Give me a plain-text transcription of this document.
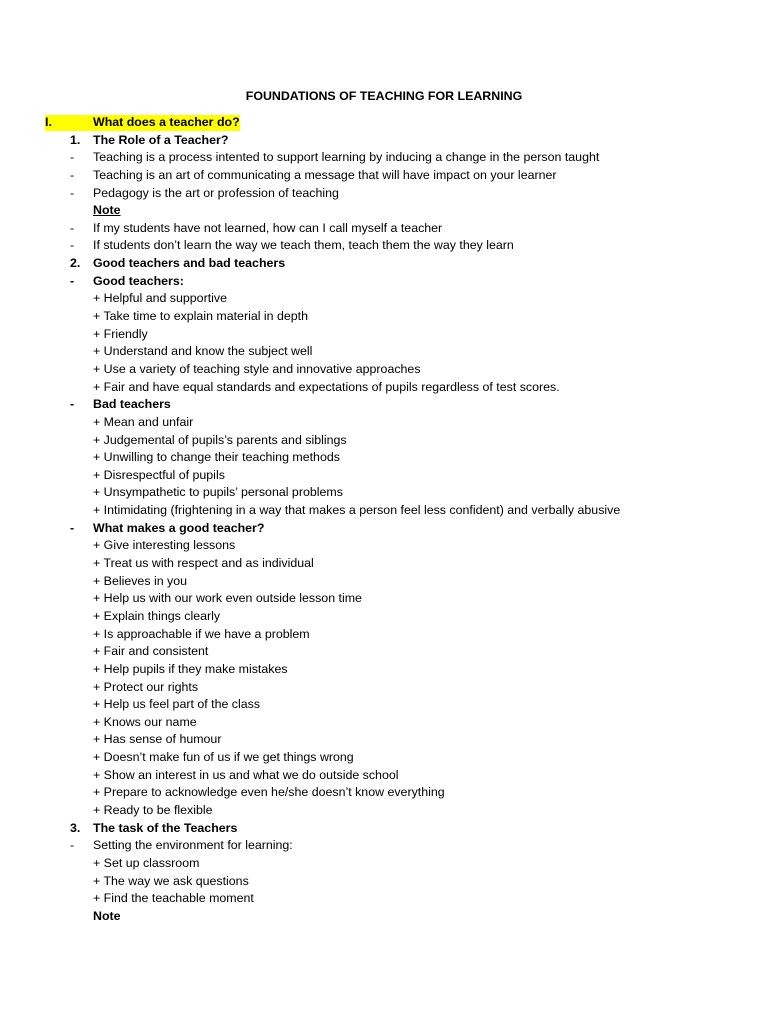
FOUNDATIONS OF TEACHING FOR LEARNING
I.	What does a teacher do?
1. The Role of a Teacher?
- Teaching is a process intented to support learning by inducing a change in the person taught
- Teaching is an art of communicating a message that will have impact on your learner
- Pedagogy is the art or profession of teaching
Note
- If my students have not learned, how can I call myself a teacher
- If students don’t learn the way we teach them, teach them the way they learn
2. Good teachers and bad teachers
- Good teachers:
+ Helpful and supportive
+ Take time to explain material in depth
+ Friendly
+ Understand and know the subject well
+ Use a variety of teaching style and innovative approaches
+ Fair and have equal standards and expectations of pupils regardless of test scores.
- Bad teachers
+ Mean and unfair
+ Judgemental of pupils’s parents and siblings
+ Unwilling to change their teaching methods
+ Disrespectful of pupils
+ Unsympathetic to pupils’ personal problems
+ Intimidating (frightening in a way that makes a person feel less confident) and verbally abusive
- What makes a good teacher?
+ Give interesting lessons
+ Treat us with respect and as individual
+ Believes in you
+ Help us with our work even outside lesson time
+ Explain things clearly
+ Is approachable if we have a problem
+ Fair and consistent
+ Help pupils if they make mistakes
+ Protect our rights
+ Help us feel part of the class
+ Knows our name
+ Has sense of humour
+ Doesn’t make fun of us if we get things wrong
+ Show an interest in us and what we do outside school
+ Prepare to acknowledge even he/she doesn’t know everything
+ Ready to be flexible
3. The task of the Teachers
- Setting the environment for learning:
+ Set up classroom
+ The way we ask questions
+ Find the teachable moment
Note
